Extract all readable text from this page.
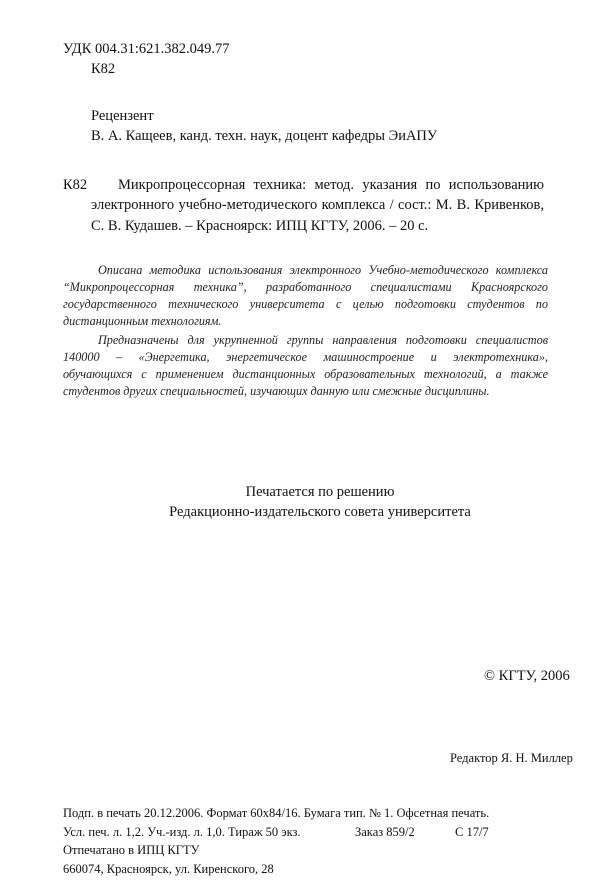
УДК 004.31:621.382.049.77
К82
Рецензент
В. А. Кащеев, канд. техн. наук, доцент кафедры ЭиАПУ
К82 Микропроцессорная техника: метод. указания по использованию
электронного учебно-методического комплекса / сост.: М. В. Кривенков,
С. В. Кудашев. – Красноярск: ИПЦ КГТУ, 2006. – 20 с.
Описана методика использования электронного Учебно-методического комплекса
“Микропроцессорная техника”, разработанного специалистами Красноярского
государственного технического университета с целью подготовки студентов по
дистанционным технологиям.
Предназначены для укрупненной группы направления подготовки специалистов
140000 – «Энергетика, энергетическое машиностроение и электротехника»,
обучающихся с применением дистанционных образовательных технологий, а также
студентов других специальностей, изучающих данную или смежные дисциплины.
Печатается по решению
Редакционно-издательского совета университета
© КГТУ, 2006
Редактор Я. Н. Миллер
Подп. в печать 20.12.2006. Формат 60x84/16. Бумага тип. № 1. Офсетная печать.
Усл. печ. л. 1,2. Уч.-изд. л. 1,0. Тираж 50 экз.	Заказ 859/2	С 17/7
Отпечатано в ИПЦ КГТУ
660074, Красноярск, ул. Киренского, 28
